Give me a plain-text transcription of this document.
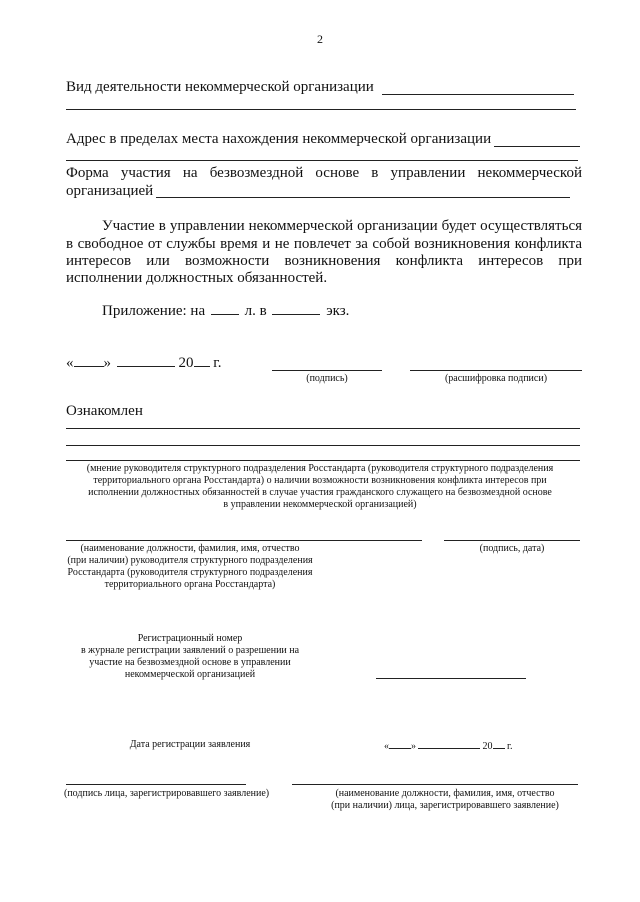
2
Вид деятельности некоммерческой организации
Адрес в пределах места нахождения некоммерческой организации
Форма участия на безвозмездной основе в управлении некоммерческой
организацией
Участие в управлении некоммерческой организации будет осуществляться
в свободное от службы время и не повлечет за собой возникновения конфликта
интересов или возможности возникновения конфликта интересов при
исполнении должностных обязанностей.
Приложение: на	л. в	экз.
« »	20 г.
(подпись)	(расшифровка подписи)
Ознакомлен
(мнение руководителя структурного подразделения Росстандарта (руководителя структурного подразделения
территориального органа Росстандарта) о наличии возможности возникновения конфликта интересов при
исполнении должностных обязанностей в случае участия гражданского служащего на безвозмездной основе
в управлении некоммерческой организацией)
(наименование должности, фамилия, имя, отчество
(при наличии) руководителя структурного подразделения
Росстандарта (руководителя структурного подразделения
территориального органа Росстандарта)
(подпись, дата)
Регистрационный номер
в журнале регистрации заявлений о разрешении на
участие на безвозмездной основе в управлении
некоммерческой организацией
Дата регистрации заявления	« »	20 г.
(подпись лица, зарегистрировавшего заявление)	(наименование должности, фамилия, имя, отчество
(при наличии) лица, зарегистрировавшего заявление)
